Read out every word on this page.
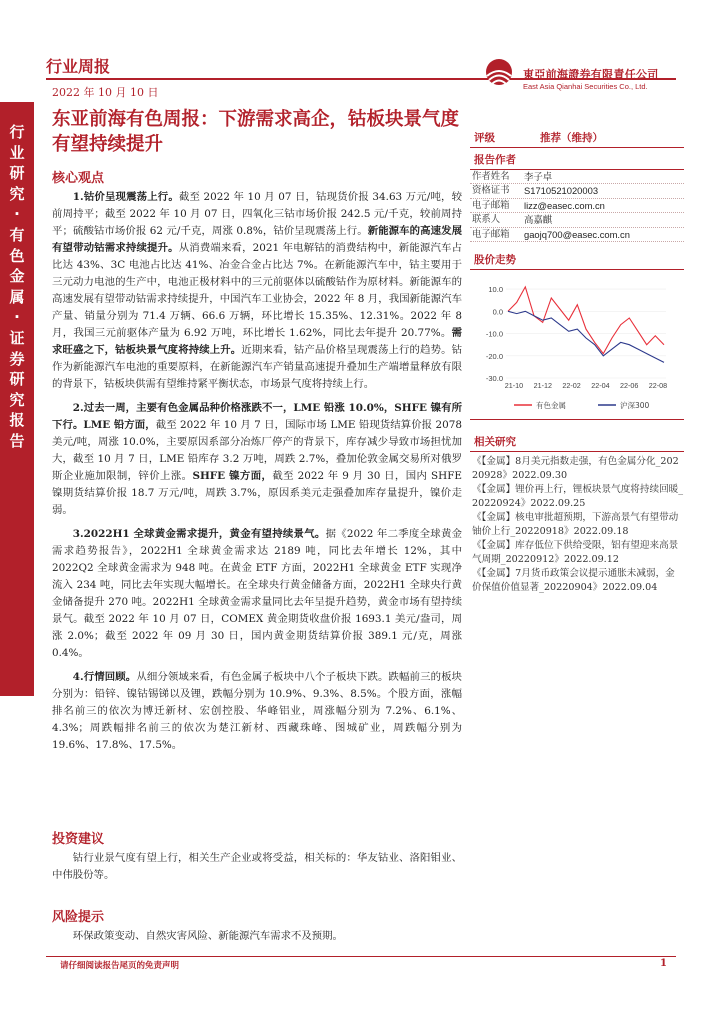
行业研究·有色金属·证券研究报告
行业周报
2022 年 10 月 10 日
東亞前海證券有限責任公司
East Asia Qianhai Securities Co., Ltd.
东亚前海有色周报：下游需求高企，钴板块景气度有望持续提升
核心观点

1.钴价呈现震荡上行。截至 2022 年 10 月 07 日，钴现货价报 34.63 万元/吨，较前周持平；截至 2022 年 10 月 07 日，四氧化三钴市场价报 242.5 元/千克，较前周持平；硫酸钴市场价报 62 元/千克，周涨 0.8%，钴价呈现震荡上行。新能源车的高速发展有望带动钴需求持续提升。从消费端来看，2021 年电解钴的消费结构中，新能源汽车占比达 43%、3C 电池占比达 41%、冶金合金占比达 7%。在新能源汽车中，钴主要用于三元动力电池的生产中，电池正极材料中的三元前驱体以硫酸钴作为原材料。新能源车的高速发展有望带动钴需求持续提升，中国汽车工业协会，2022 年 8 月，我国新能源汽车产量、销量分别为 71.4 万辆、66.6 万辆，环比增长 15.35%、12.31%。2022 年 8 月，我国三元前驱体产量为 6.92 万吨，环比增长 1.62%，同比去年提升 20.77%。需求旺盛之下，钴板块景气度将持续上升。近期来看，钴产品价格呈现震荡上行的趋势。钴作为新能源汽车电池的重要原料，在新能源汽车产销量高速提升叠加生产端增量释放有限的背景下，钴板块供需有望维持紧平衡状态，市场景气度将持续上行。

2.过去一周，主要有色金属品种价格涨跌不一，LME 铅涨 10.0%，SHFE 镍有所下行。LME 铅方面，截至 2022 年 10 月 7 日，国际市场 LME 铅现货结算价报 2078 美元/吨，周涨 10.0%，主要原因系部分冶炼厂停产的背景下，库存减少导致市场担忧加大，截至 10 月 7 日，LME 铅库存 3.2 万吨，周跌 2.7%，叠加伦敦金属交易所对俄罗斯企业施加限制，锌价上涨。SHFE 镍方面，截至 2022 年 9 月 30 日，国内 SHFE 镍期货结算价报 18.7 万元/吨，周跌 3.7%，原因系美元走强叠加库存量提升，镍价走弱。

3.2022H1 全球黄金需求提升，黄金有望持续景气。据《2022 年二季度全球黄金需求趋势报告》，2022H1 全球黄金需求达 2189 吨，同比去年增长 12%，其中 2022Q2 全球黄金需求为 948 吨。在黄金 ETF 方面，2022H1 全球黄金 ETF 实现净流入 234 吨，同比去年实现大幅增长。在全球央行黄金储备方面，2022H1 全球央行黄金储备提升 270 吨。2022H1 全球黄金需求量同比去年呈提升趋势，黄金市场有望持续景气。截至 2022 年 10 月 07 日，COMEX 黄金期货收盘价报 1693.1 美元/盎司，周涨 2.0%；截至 2022 年 09 月 30 日，国内黄金期货结算价报 389.1 元/克，周涨 0.4%。

4.行情回顾。从细分领域来看，有色金属子板块中八个子板块下跌。跌幅前三的板块分别为：铅锌、镍钴锡锑以及锂，跌幅分别为 10.9%、9.3%、8.5%。个股方面，涨幅排名前三的依次为博迁新材、宏创控股、华峰铝业，周涨幅分别为 7.2%、6.1%、4.3%；周跌幅排名前三的依次为楚江新材、西藏珠峰、图城矿业，周跌幅分别为 19.6%、17.8%、17.5%。

投资建议

钴行业景气度有望上行，相关生产企业或将受益，相关标的：华友钴业、洛阳钼业、中伟股份等。

风险提示

环保政策变动、自然灾害风险、新能源汽车需求不及预期。

评级	推荐（维持）
报告作者
作者姓名	李子卓
资格证书	S1710521020003
电子邮箱	lizz@easec.com.cn
联系人	高嘉麒
电子邮箱	gaojq700@easec.com.cn
股价走势
10.0
0.0
-10.0
-20.0
-30.0
21-10 21-12 22-02 22-04 22-06 22-08
有色金属	沪深300
相关研究
《【金属】8月美元指数走强，有色金属分化_20220928》2022.09.30
《【金属】锂价再上行，锂板块景气度将持续回暖_20220924》2022.09.25
《【金属】核电审批超预期，下游高景气有望带动铀价上行_20220918》2022.09.18
《【金属】库存低位下供给受限，铝有望迎来高景气周期_20220912》2022.09.12
《【金属】7月货币政策会议提示通胀未减弱，金价保值价值显著_20220904》2022.09.04
请仔细阅读报告尾页的免责声明	1
